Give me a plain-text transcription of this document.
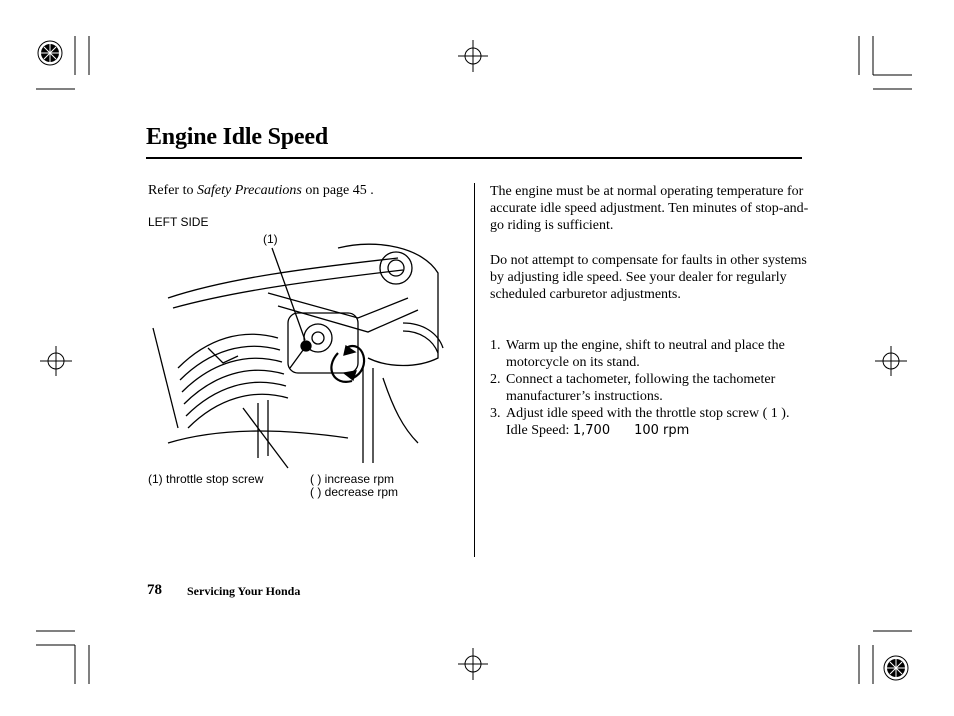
Engine Idle Speed
Refer to Safety Precautions on page 45 .
LEFT SIDE
(1)
(1) throttle stop screw	( ) increase rpm
( ) decrease rpm
The engine must be at normal operating temperature for accurate idle speed adjustment. Ten minutes of stop-and-go riding is sufficient.
Do not attempt to compensate for faults in other systems by adjusting idle speed. See your dealer for regularly scheduled carburetor adjustments.
1. Warm up the engine, shift to neutral and place the motorcycle on its stand.
2. Connect a tachometer, following the tachometer manufacturer’s instructions.
3. Adjust idle speed with the throttle stop screw ( 1 ).
Idle Speed: 1,700 100 rpm
78 Servicing Your Honda
